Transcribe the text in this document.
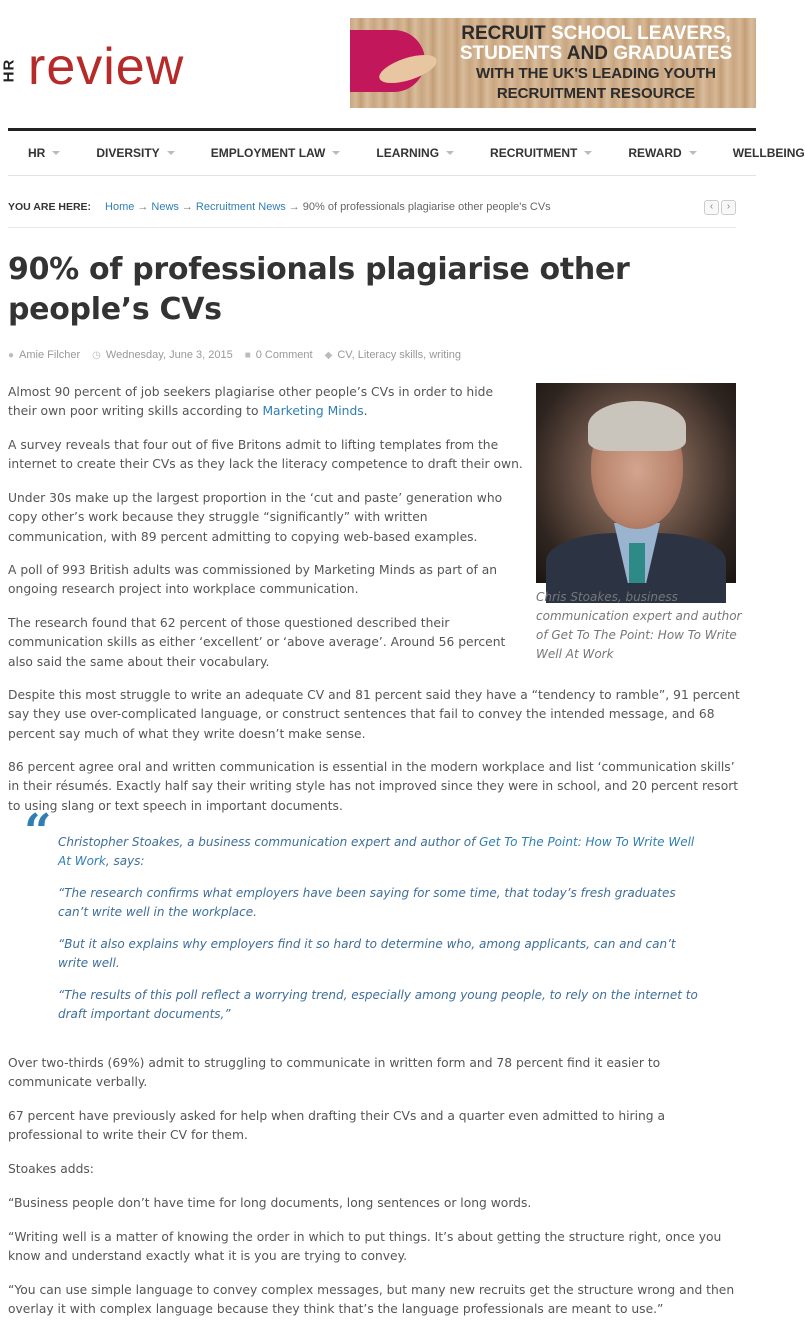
HR review
RECRUIT SCHOOL LEAVERS,
STUDENTS AND GRADUATES
WITH THE UK'S LEADING YOUTH
RECRUITMENT RESOURCE
HR	DIVERSITY	EMPLOYMENT LAW	LEARNING	RECRUITMENT	REWARD	WELLBEING
YOU ARE HERE: Home → News → Recruitment News → 90% of professionals plagiarise other people's CVs	‹	›
90% of professionals plagiarise other people’s CVs
● Amie Filcher ◷ Wednesday, June 3, 2015 ■ 0 Comment ◆ CV, Literacy skills, writing
Chris Stoakes, business communication expert and author of Get To The Point: How To Write Well At Work

Almost 90 percent of job seekers plagiarise other people’s CVs in order to hide their own poor writing skills according to Marketing Minds.

A survey reveals that four out of five Britons admit to lifting templates from the internet to create their CVs as they lack the literacy competence to draft their own.

Under 30s make up the largest proportion in the ‘cut and paste’ generation who copy other’s work because they struggle “significantly” with written communication, with 89 percent admitting to copying web-based examples.

A poll of 993 British adults was commissioned by Marketing Minds as part of an ongoing research project into workplace communication.

The research found that 62 percent of those questioned described their communication skills as either ‘excellent’ or ‘above average’. Around 56 percent also said the same about their vocabulary.

Despite this most struggle to write an adequate CV and 81 percent said they have a “tendency to ramble”, 91 percent say they use over-complicated language, or construct sentences that fail to convey the intended message, and 68 percent say much of what they write doesn’t make sense.

86 percent agree oral and written communication is essential in the modern workplace and list ‘communication skills’ in their résumés. Exactly half say their writing style has not improved since they were in school, and 20 percent resort to using slang or text speech in important documents.

“ Christopher Stoakes, a business communication expert and author of Get To The Point: How To Write Well At Work, says:

“The research confirms what employers have been saying for some time, that today’s fresh graduates can’t write well in the workplace.

“But it also explains why employers find it so hard to determine who, among applicants, can and can’t write well.

“The results of this poll reflect a worrying trend, especially among young people, to rely on the internet to draft important documents,”

Over two-thirds (69%) admit to struggling to communicate in written form and 78 percent find it easier to communicate verbally.

67 percent have previously asked for help when drafting their CVs and a quarter even admitted to hiring a professional to write their CV for them.

Stoakes adds:

“Business people don’t have time for long documents, long sentences or long words.

“Writing well is a matter of knowing the order in which to put things. It’s about getting the structure right, once you know and understand exactly what it is you are trying to convey.

“You can use simple language to convey complex messages, but many new recruits get the structure wrong and then overlay it with complex language because they think that’s the language professionals are meant to use.”
